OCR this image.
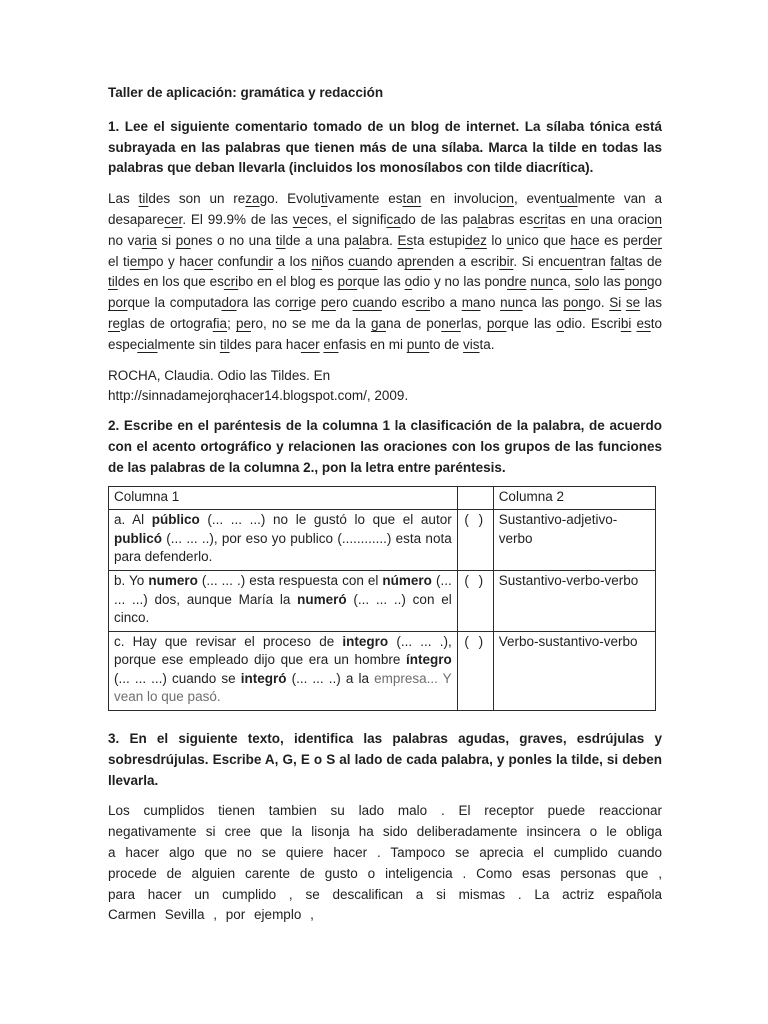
Taller de aplicación: gramática y redacción

1. Lee el siguiente comentario tomado de un blog de internet. La sílaba tónica está subrayada en las palabras que tienen más de una sílaba. Marca la tilde en todas las palabras que deban llevarla (incluidos los monosílabos con tilde diacrítica).

Las tildes son un rezago. Evolutivamente estan en involucion, eventualmente van a desaparecer. El 99.9% de las veces, el significado de las palabras escritas en una oracion no varia si pones o no una tilde a una palabra. Esta estupidez lo unico que hace es perder el tiempo y hacer confundir a los niños cuando aprenden a escribir. Si encuentran faltas de tildes en los que escribo en el blog es porque las odio y no las pondre nunca, solo las pongo porque la computadora las corrige pero cuando escribo a mano nunca las pongo. Si se las reglas de ortografia; pero, no se me da la gana de ponerlas, porque las odio. Escribi esto especialmente sin tildes para hacer enfasis en mi punto de vista.

ROCHA, Claudia. Odio las Tildes. En
http://sinnadamejorqhacer14.blogspot.com/, 2009.

2. Escribe en el paréntesis de la columna 1 la clasificación de la palabra, de acuerdo con el acento ortográfico y relacionen las oraciones con los grupos de las funciones de las palabras de la columna 2., pon la letra entre paréntesis.

Columna 1		Columna 2
a. Al público (... ... ...) no le gustó lo que el autor publicó (... ... ..), por eso yo publico (............) esta nota para defenderlo.	( )	Sustantivo-adjetivo-verbo
b. Yo numero (... ... .) esta respuesta con el número (... ... ...) dos, aunque María la numeró (... ... ..) con el cinco.	( )	Sustantivo-verbo-verbo
c. Hay que revisar el proceso de integro (... ... .), porque ese empleado dijo que era un hombre íntegro (... ... ...) cuando se integró (... ... ..) a la empresa... Y vean lo que pasó.	( )	Verbo-sustantivo-verbo

3. En el siguiente texto, identifica las palabras agudas, graves, esdrújulas y sobresdrújulas. Escribe A, G, E o S al lado de cada palabra, y ponles la tilde, si deben llevarla.

Los cumplidos tienen tambien su lado malo . El receptor puede reaccionar negativamente si cree que la lisonja ha sido deliberadamente insincera o le obliga a hacer algo que no se quiere hacer . Tampoco se aprecia el cumplido cuando procede de alguien carente de gusto o inteligencia . Como esas personas que , para hacer un cumplido , se descalifican a si mismas . La actriz española Carmen Sevilla , por ejemplo ,
